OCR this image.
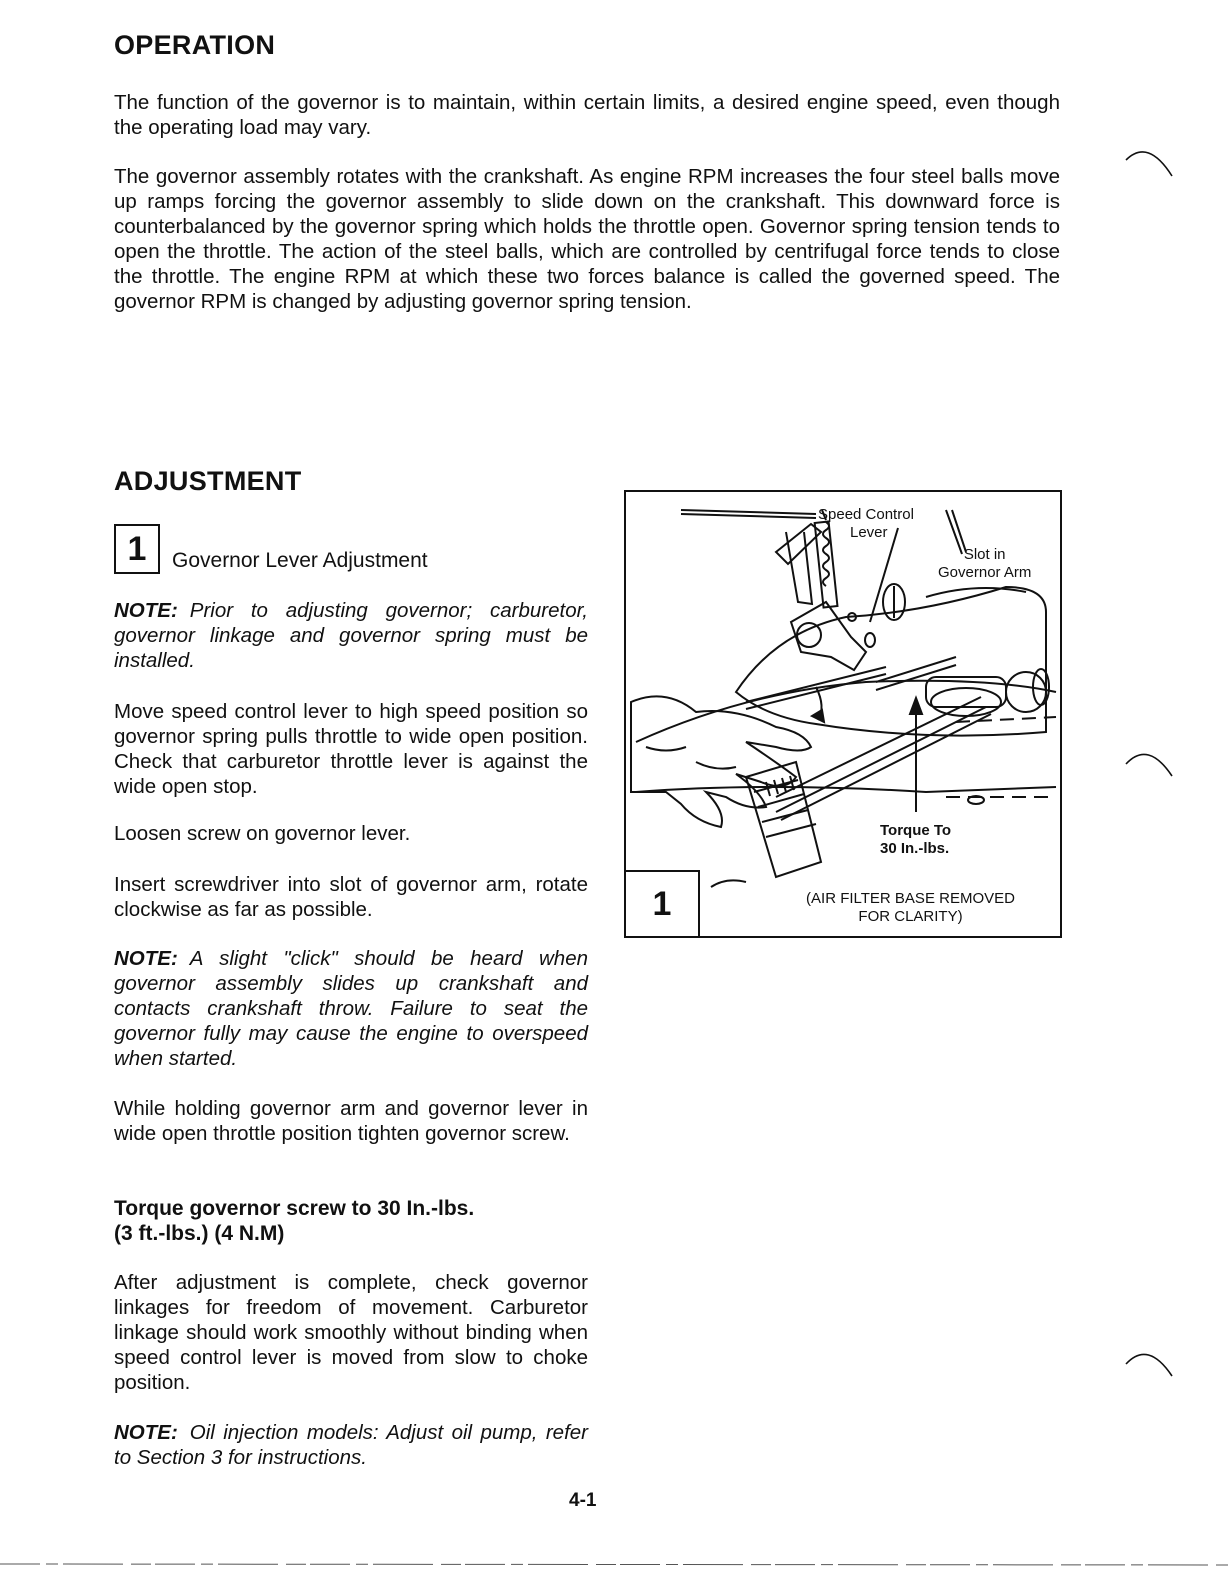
OPERATION

The function of the governor is to maintain, within certain limits, a desired engine speed, even though the operating load may vary.

The governor assembly rotates with the crankshaft. As engine RPM increases the four steel balls move up ramps forcing the governor assembly to slide down on the crankshaft. This downward force is counterbalanced by the governor spring which holds the throttle open. Governor spring tension tends to open the throttle. The action of the steel balls, which are controlled by centrifugal force tends to close the throttle. The engine RPM at which these two forces balance is called the governed speed. The governor RPM is changed by adjusting governor spring tension.

ADJUSTMENT
1 Governor Lever Adjustment

NOTE: Prior to adjusting governor; carburetor, governor linkage and governor spring must be installed.

Move speed control lever to high speed position so governor spring pulls throttle to wide open position. Check that carburetor throttle lever is against the wide open stop.

Loosen screw on governor lever.

Insert screwdriver into slot of governor arm, rotate clockwise as far as possible.

NOTE: A slight "click" should be heard when governor assembly slides up crankshaft and contacts crankshaft throw. Failure to seat the governor fully may cause the engine to overspeed when started.

While holding governor arm and governor lever in wide open throttle position tighten governor screw.

Torque governor screw to 30 In.-lbs.
(3 ft.-lbs.) (4 N.M)

After adjustment is complete, check governor linkages for freedom of movement. Carburetor linkage should work smoothly without binding when speed control lever is moved from slow to choke position.

NOTE: Oil injection models: Adjust oil pump, refer to Section 3 for instructions.

Speed Control
Lever
Slot in
Governor Arm
Torque To
30 In.-lbs.
(AIR FILTER BASE REMOVED
FOR CLARITY)
1
4-1
